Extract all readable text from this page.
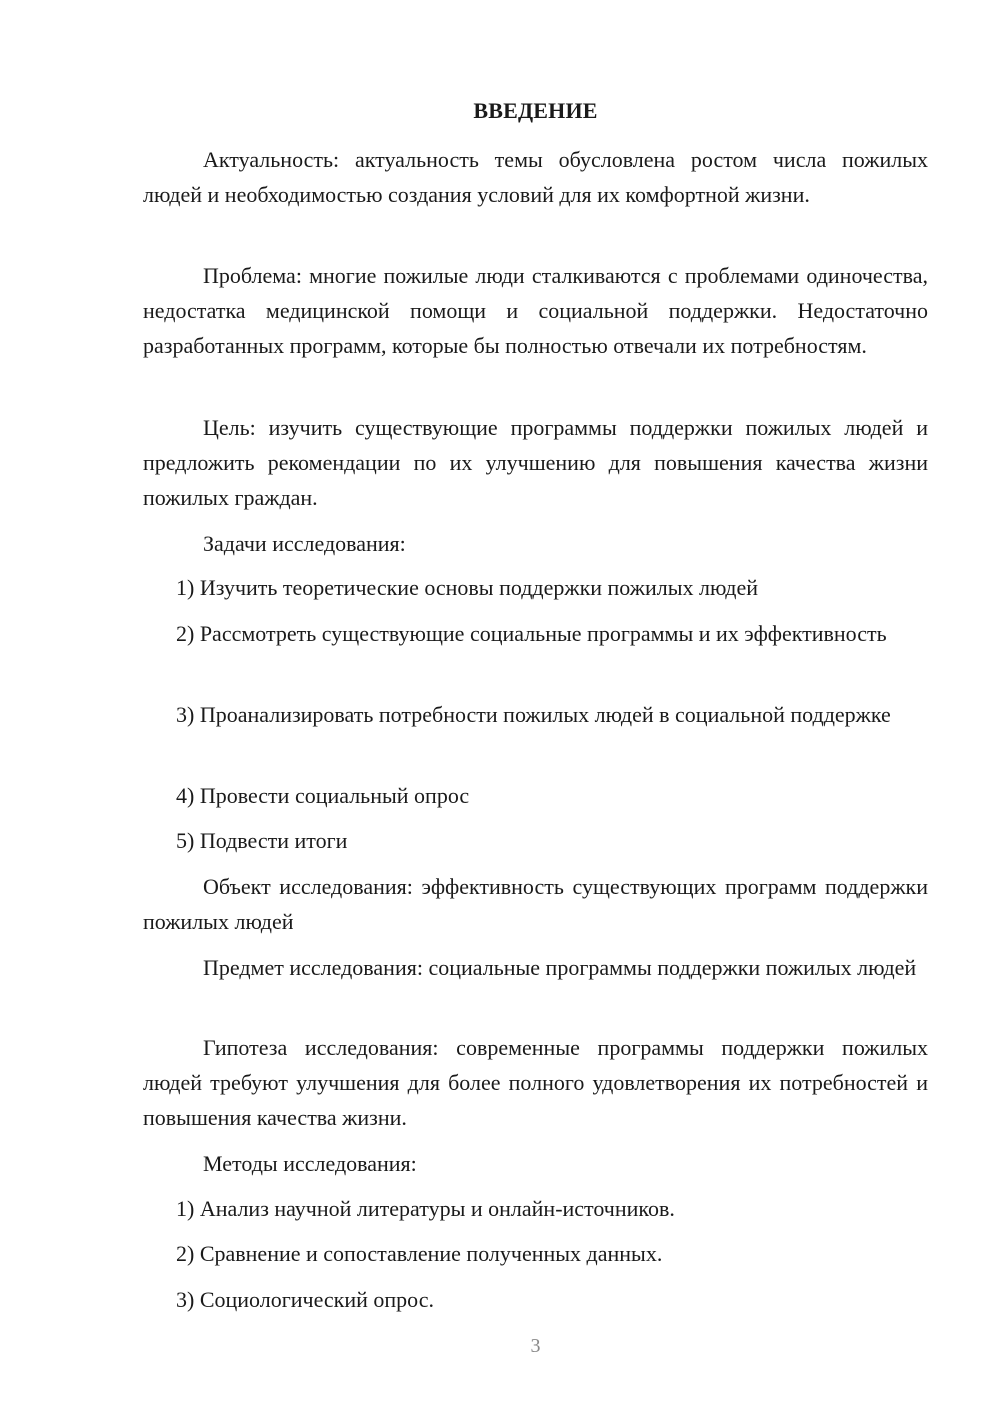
ВВЕДЕНИЕ
Актуальность: актуальность темы обусловлена ростом числа пожилых людей и необходимостью создания условий для их комфортной жизни.
Проблема: многие пожилые люди сталкиваются с проблемами одиночества, недостатка медицинской помощи и социальной поддержки. Недостаточно разработанных программ, которые бы полностью отвечали их потребностям.
Цель: изучить существующие программы поддержки пожилых людей и предложить рекомендации по их улучшению для повышения качества жизни пожилых граждан.
Задачи исследования:
1) Изучить теоретические основы поддержки пожилых людей
2) Рассмотреть существующие социальные программы и их эффективность
3) Проанализировать потребности пожилых людей в социальной поддержке
4) Провести социальный опрос
5) Подвести итоги
Объект исследования: эффективность существующих программ поддержки пожилых людей
Предмет исследования: социальные программы поддержки пожилых людей
Гипотеза исследования: современные программы поддержки пожилых людей требуют улучшения для более полного удовлетворения их потребностей и повышения качества жизни.
Методы исследования:
1) Анализ научной литературы и онлайн-источников.
2) Сравнение и сопоставление полученных данных.
3) Социологический опрос.
3
